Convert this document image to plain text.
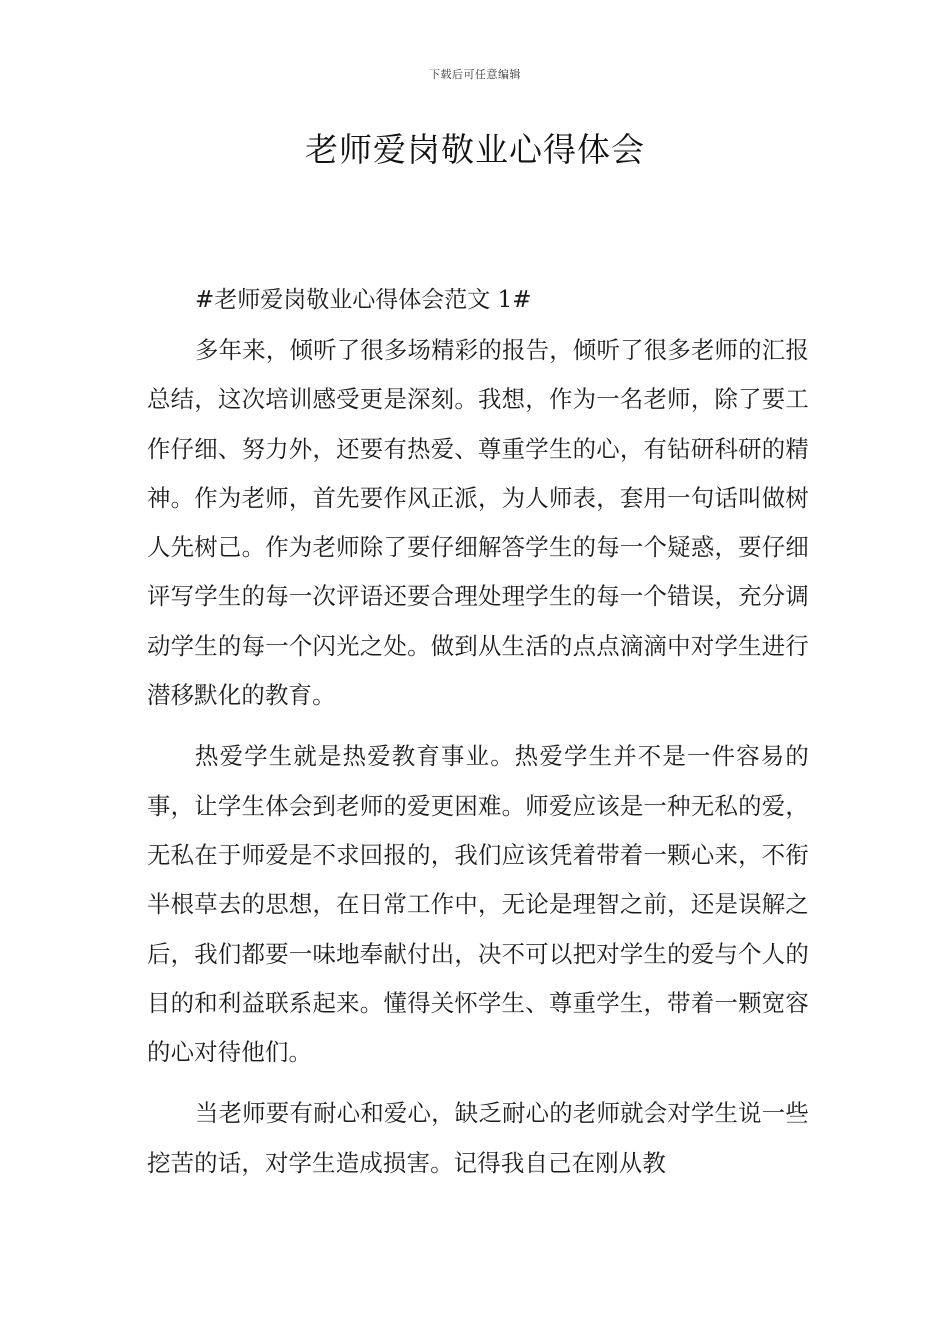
下载后可任意编辑
老师爱岗敬业心得体会
#老师爱岗敬业心得体会范文 1#

多年来，倾听了很多场精彩的报告，倾听了很多老师的汇报总结，这次培训感受更是深刻。我想，作为一名老师，除了要工作仔细、努力外，还要有热爱、尊重学生的心，有钻研科研的精神。作为老师，首先要作风正派，为人师表，套用一句话叫做树人先树己。作为老师除了要仔细解答学生的每一个疑惑，要仔细评写学生的每一次评语还要合理处理学生的每一个错误，充分调动学生的每一个闪光之处。做到从生活的点点滴滴中对学生进行潜移默化的教育。

热爱学生就是热爱教育事业。热爱学生并不是一件容易的事，让学生体会到老师的爱更困难。师爱应该是一种无私的爱，无私在于师爱是不求回报的，我们应该凭着带着一颗心来，不衔半根草去的思想，在日常工作中，无论是理智之前，还是误解之后，我们都要一味地奉献付出，决不可以把对学生的爱与个人的目的和利益联系起来。懂得关怀学生、尊重学生，带着一颗宽容的心对待他们。

当老师要有耐心和爱心，缺乏耐心的老师就会对学生说一些挖苦的话，对学生造成损害。记得我自己在刚从教
